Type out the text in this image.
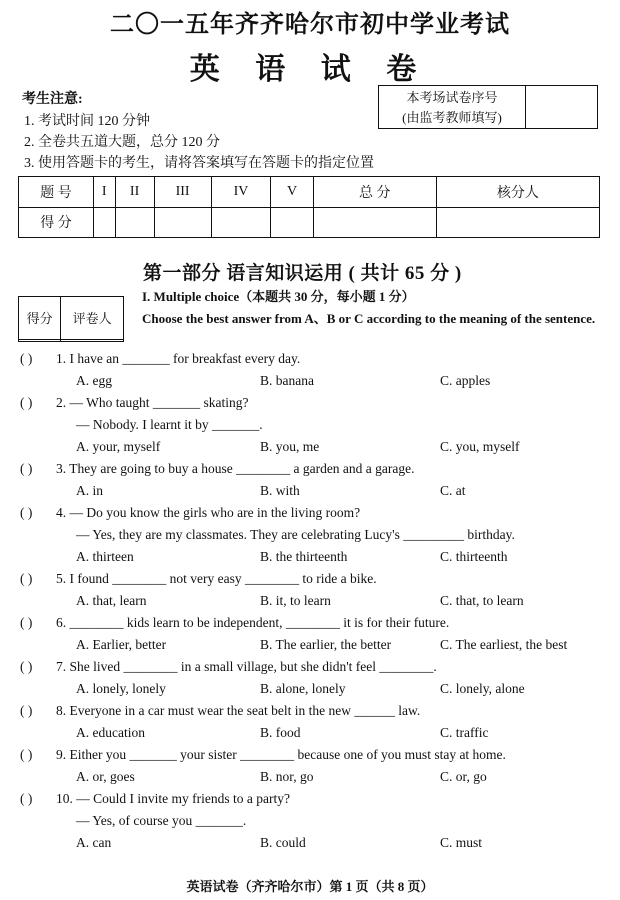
二〇一五年齐齐哈尔市初中学业考试
英 语 试 卷
考生注意:
1. 考试时间 120 分钟
2. 全卷共五道大题，总分 120 分
3. 使用答题卡的考生，请将答案填写在答题卡的指定位置
本考场试卷序号
(由监考教师填写)
题 号	I	II	III	IV	V	总 分	核分人
得 分							
第一部分 语言知识运用 ( 共计 65 分 )
得分	评卷人

I. Multiple choice（本题共 30 分，每小题 1 分）
Choose the best answer from A、B or C according to the meaning of the sentence.
( ) 1. I have an _______ for breakfast every day.
A. egg	B. banana	C. apples
( ) 2. — Who taught _______ skating?
— Nobody. I learnt it by _______.
A. your, myself	B. you, me	C. you, myself
( ) 3. They are going to buy a house ________ a garden and a garage.
A. in	B. with	C. at
( ) 4. — Do you know the girls who are in the living room?
— Yes, they are my classmates. They are celebrating Lucy's _________ birthday.
A. thirteen	B. the thirteenth	C. thirteenth
( ) 5. I found ________ not very easy ________ to ride a bike.
A. that, learn	B. it, to learn	C. that, to learn
( ) 6. ________ kids learn to be independent, ________ it is for their future.
A. Earlier, better	B. The earlier, the better	C. The earliest, the best
( ) 7. She lived ________ in a small village, but she didn't feel ________.
A. lonely, lonely	B. alone, lonely	C. lonely, alone
( ) 8. Everyone in a car must wear the seat belt in the new ______ law.
A. education	B. food	C. traffic
( ) 9. Either you _______ your sister ________ because one of you must stay at home.
A. or, goes	B. nor, go	C. or, go
( ) 10. — Could I invite my friends to a party?
— Yes, of course you _______.
A. can	B. could	C. must
英语试卷（齐齐哈尔市）第 1 页（共 8 页）
